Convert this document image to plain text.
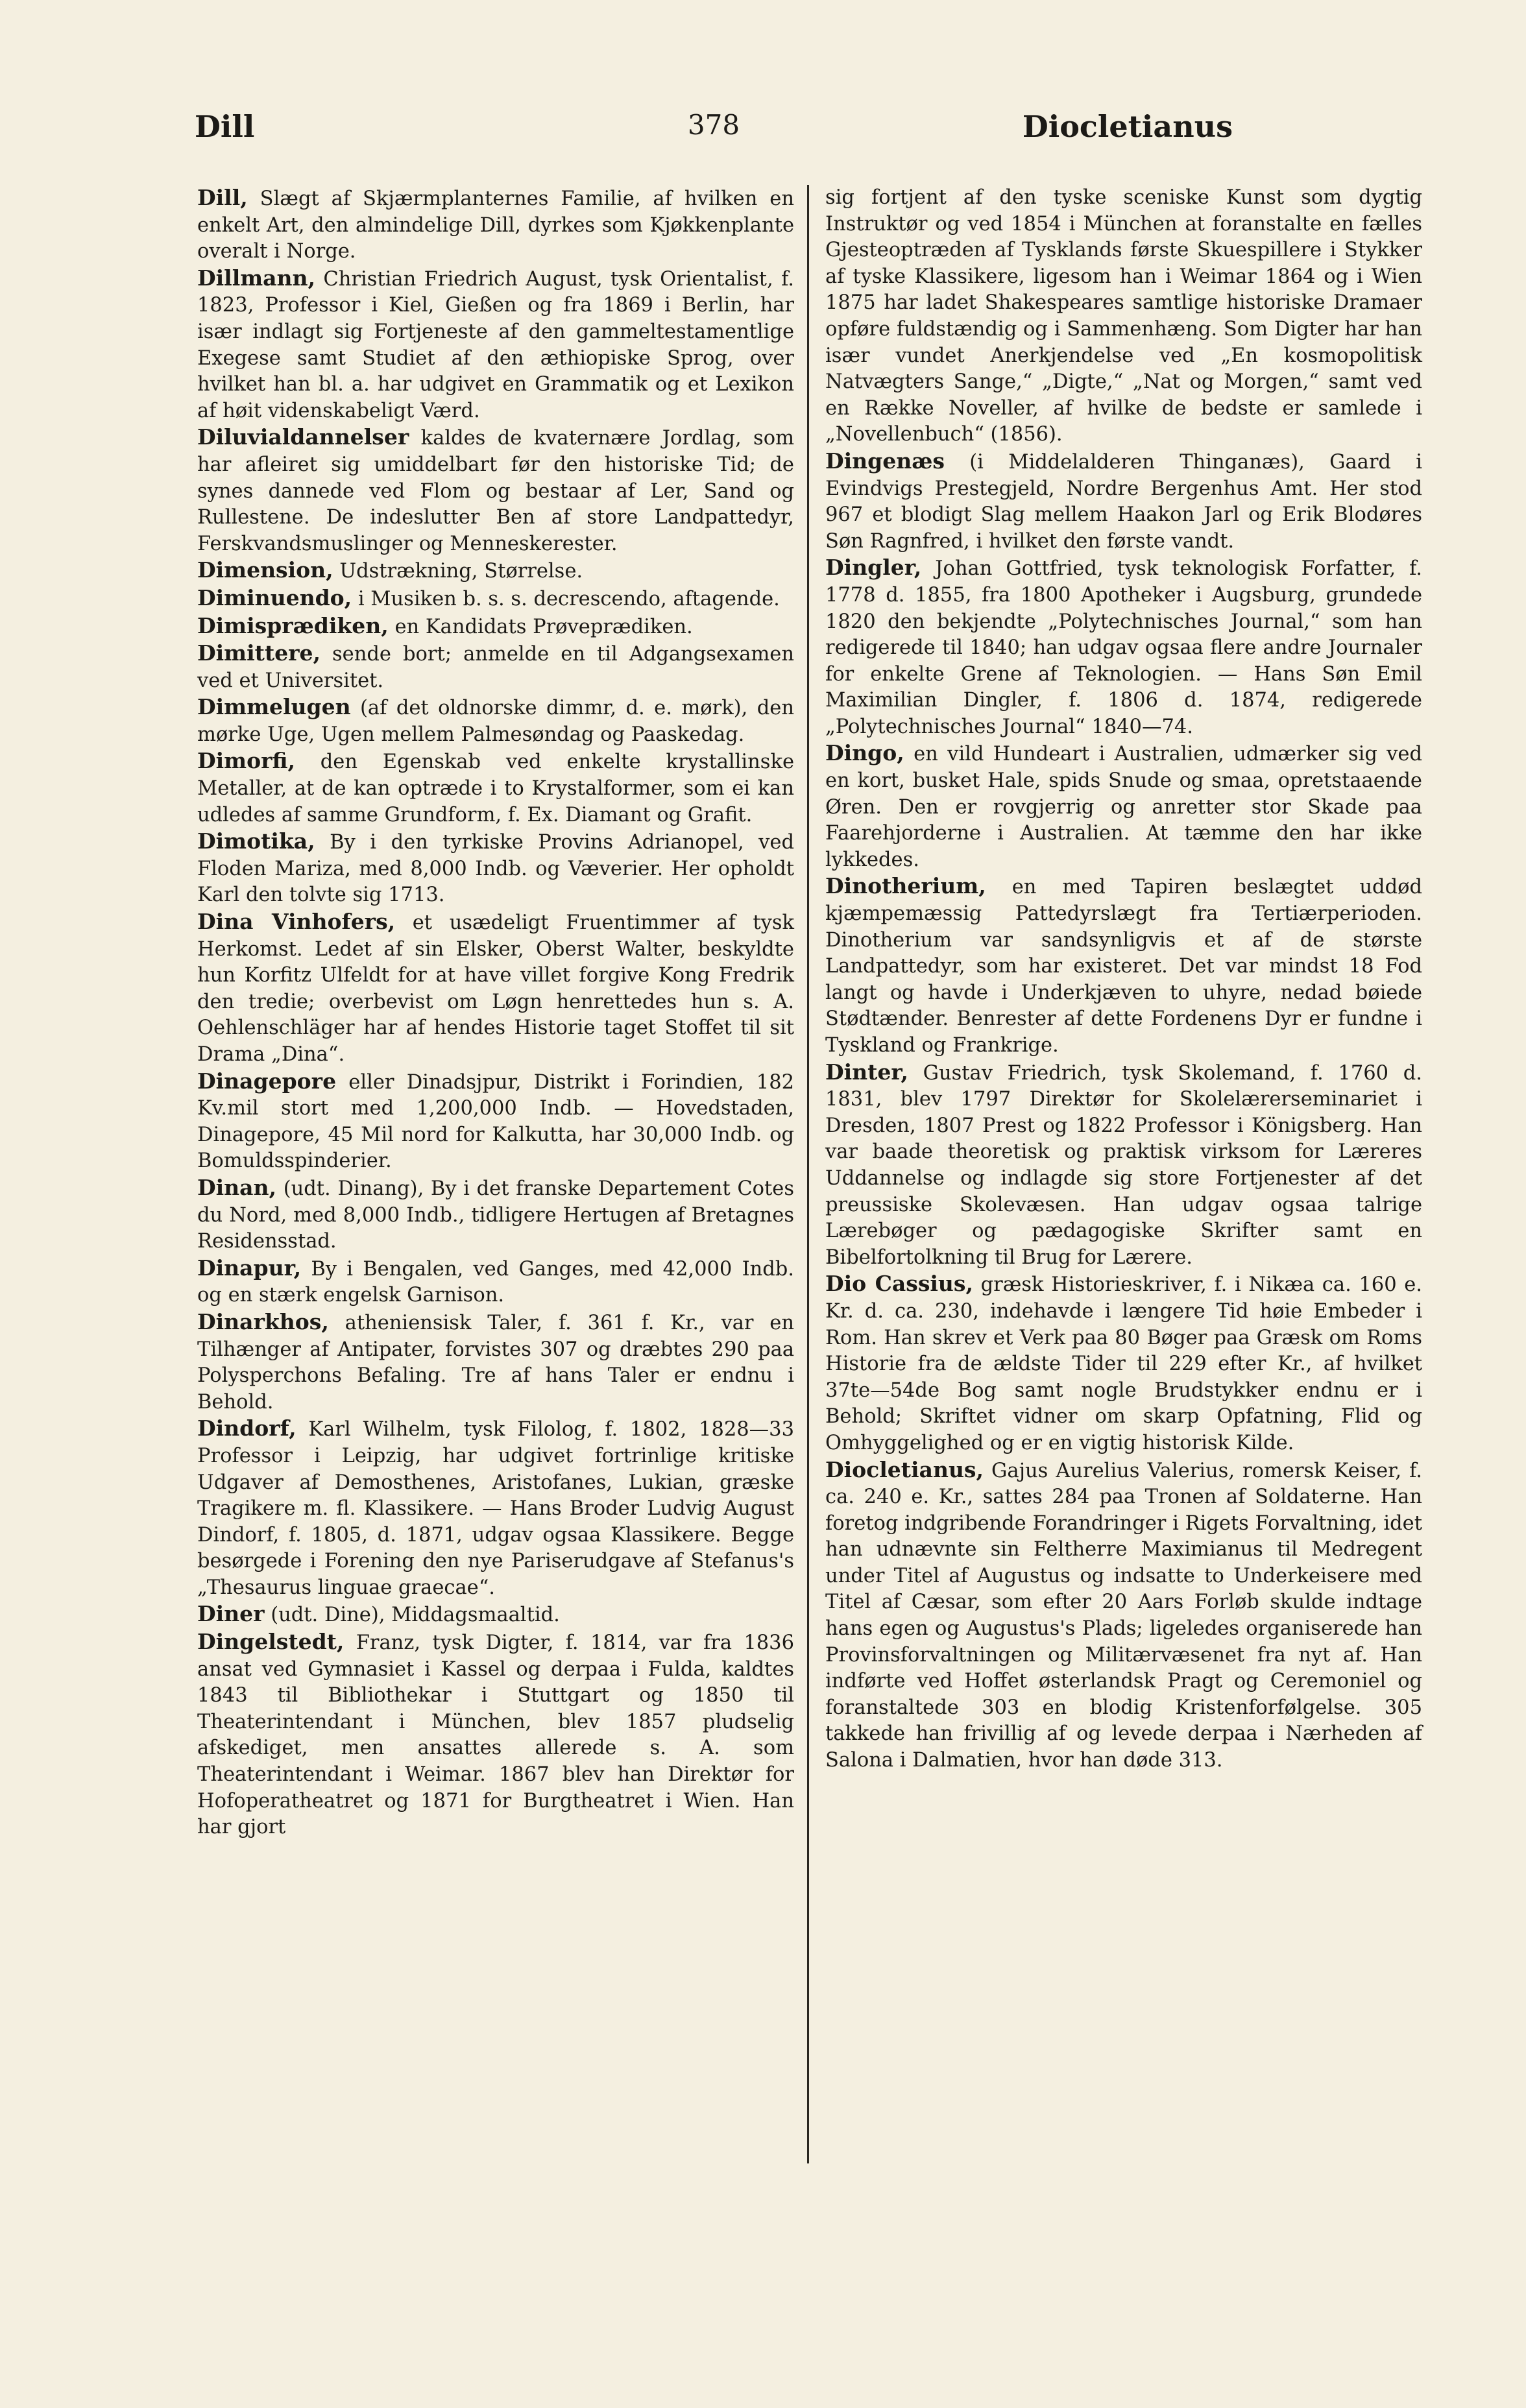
Dill	378	Diocletianus

Dill, Slægt af Skjærmplanternes Familie, af hvilken en enkelt Art, den almindelige Dill, dyrkes som Kjøkkenplante overalt i Norge.

Dillmann, Christian Friedrich August, tysk Orientalist, f. 1823, Professor i Kiel, Gießen og fra 1869 i Berlin, har især indlagt sig Fortjeneste af den gammeltestamentlige Exegese samt Studiet af den æthiopiske Sprog, over hvilket han bl. a. har udgivet en Grammatik og et Lexikon af høit videnskabeligt Værd.

Diluvialdannelser kaldes de kvaternære Jordlag, som har afleiret sig umiddelbart før den historiske Tid; de synes dannede ved Flom og bestaar af Ler, Sand og Rullestene. De indeslutter Ben af store Landpattedyr, Ferskvandsmuslinger og Menneskerester.

Dimension, Udstrækning, Størrelse.

Diminuendo, i Musiken b. s. s. decrescendo, aftagende.

Dimisprædiken, en Kandidats Prøveprædiken.

Dimittere, sende bort; anmelde en til Adgangsexamen ved et Universitet.

Dimmelugen (af det oldnorske dimmr, d. e. mørk), den mørke Uge, Ugen mellem Palmesøndag og Paaskedag.

Dimorfi, den Egenskab ved enkelte krystallinske Metaller, at de kan optræde i to Krystalformer, som ei kan udledes af samme Grundform, f. Ex. Diamant og Grafit.

Dimotika, By i den tyrkiske Provins Adrianopel, ved Floden Mariza, med 8,000 Indb. og Væverier. Her opholdt Karl den tolvte sig 1713.

Dina Vinhofers, et usædeligt Fruentimmer af tysk Herkomst. Ledet af sin Elsker, Oberst Walter, beskyldte hun Korfitz Ulfeldt for at have villet forgive Kong Fredrik den tredie; overbevist om Løgn henrettedes hun s. A. Oehlenschläger har af hendes Historie taget Stoffet til sit Drama „Dina“.

Dinagepore eller Dinadsjpur, Distrikt i Forindien, 182 Kv.mil stort med 1,200,000 Indb. — Hovedstaden, Dinagepore, 45 Mil nord for Kalkutta, har 30,000 Indb. og Bomuldsspinderier.

Dinan, (udt. Dinang), By i det franske Departement Cotes du Nord, med 8,000 Indb., tidligere Hertugen af Bretagnes Residensstad.

Dinapur, By i Bengalen, ved Ganges, med 42,000 Indb. og en stærk engelsk Garnison.

Dinarkhos, atheniensisk Taler, f. 361 f. Kr., var en Tilhænger af Antipater, forvistes 307 og dræbtes 290 paa Polysperchons Befaling. Tre af hans Taler er endnu i Behold.

Dindorf, Karl Wilhelm, tysk Filolog, f. 1802, 1828—33 Professor i Leipzig, har udgivet fortrinlige kritiske Udgaver af Demosthenes, Aristofanes, Lukian, græske Tragikere m. fl. Klassikere. — Hans Broder Ludvig August Dindorf, f. 1805, d. 1871, udgav ogsaa Klassikere. Begge besørgede i Forening den nye Pariserudgave af Stefanus's „Thesaurus linguae graecae“.

Diner (udt. Dine), Middagsmaaltid.

Dingelstedt, Franz, tysk Digter, f. 1814, var fra 1836 ansat ved Gymnasiet i Kassel og derpaa i Fulda, kaldtes 1843 til Bibliothekar i Stuttgart og 1850 til Theaterintendant i München, blev 1857 pludselig afskediget, men ansattes allerede s. A. som Theaterintendant i Weimar. 1867 blev han Direktør for Hofoperatheatret og 1871 for Burgtheatret i Wien. Han har gjort

sig fortjent af den tyske sceniske Kunst som dygtig Instruktør og ved 1854 i München at foranstalte en fælles Gjesteoptræden af Tysklands første Skuespillere i Stykker af tyske Klassikere, ligesom han i Weimar 1864 og i Wien 1875 har ladet Shakespeares samtlige historiske Dramaer opføre fuldstændig og i Sammenhæng. Som Digter har han især vundet Anerkjendelse ved „En kosmopolitisk Natvægters Sange,“ „Digte,“ „Nat og Morgen,“ samt ved en Række Noveller, af hvilke de bedste er samlede i „Novellenbuch“ (1856).

Dingenæs (i Middelalderen Thinganæs), Gaard i Evindvigs Prestegjeld, Nordre Bergenhus Amt. Her stod 967 et blodigt Slag mellem Haakon Jarl og Erik Blodøres Søn Ragnfred, i hvilket den første vandt.

Dingler, Johan Gottfried, tysk teknologisk Forfatter, f. 1778 d. 1855, fra 1800 Apotheker i Augsburg, grundede 1820 den bekjendte „Polytechnisches Journal,“ som han redigerede til 1840; han udgav ogsaa flere andre Journaler for enkelte Grene af Teknologien. — Hans Søn Emil Maximilian Dingler, f. 1806 d. 1874, redigerede „Polytechnisches Journal“ 1840—74.

Dingo, en vild Hundeart i Australien, udmærker sig ved en kort, busket Hale, spids Snude og smaa, opretstaaende Øren. Den er rovgjerrig og anretter stor Skade paa Faarehjorderne i Australien. At tæmme den har ikke lykkedes.

Dinotherium, en med Tapiren beslægtet uddød kjæmpemæssig Pattedyrslægt fra Tertiærperioden. Dinotherium var sandsynligvis et af de største Landpattedyr, som har existeret. Det var mindst 18 Fod langt og havde i Underkjæven to uhyre, nedad bøiede Stødtænder. Benrester af dette Fordenens Dyr er fundne i Tyskland og Frankrige.

Dinter, Gustav Friedrich, tysk Skolemand, f. 1760 d. 1831, blev 1797 Direktør for Skolelærerseminariet i Dresden, 1807 Prest og 1822 Professor i Königsberg. Han var baade theoretisk og praktisk virksom for Læreres Uddannelse og indlagde sig store Fortjenester af det preussiske Skolevæsen. Han udgav ogsaa talrige Lærebøger og pædagogiske Skrifter samt en Bibelfortolkning til Brug for Lærere.

Dio Cassius, græsk Historieskriver, f. i Nikæa ca. 160 e. Kr. d. ca. 230, indehavde i længere Tid høie Embeder i Rom. Han skrev et Verk paa 80 Bøger paa Græsk om Roms Historie fra de ældste Tider til 229 efter Kr., af hvilket 37te—54de Bog samt nogle Brudstykker endnu er i Behold; Skriftet vidner om skarp Opfatning, Flid og Omhyggelighed og er en vigtig historisk Kilde.

Diocletianus, Gajus Aurelius Valerius, romersk Keiser, f. ca. 240 e. Kr., sattes 284 paa Tronen af Soldaterne. Han foretog indgribende Forandringer i Rigets Forvaltning, idet han udnævnte sin Feltherre Maximianus til Medregent under Titel af Augustus og indsatte to Underkeisere med Titel af Cæsar, som efter 20 Aars Forløb skulde indtage hans egen og Augustus's Plads; ligeledes organiserede han Provinsforvaltningen og Militærvæsenet fra nyt af. Han indførte ved Hoffet østerlandsk Pragt og Ceremoniel og foranstaltede 303 en blodig Kristenforfølgelse. 305 takkede han frivillig af og levede derpaa i Nærheden af Salona i Dalmatien, hvor han døde 313.
